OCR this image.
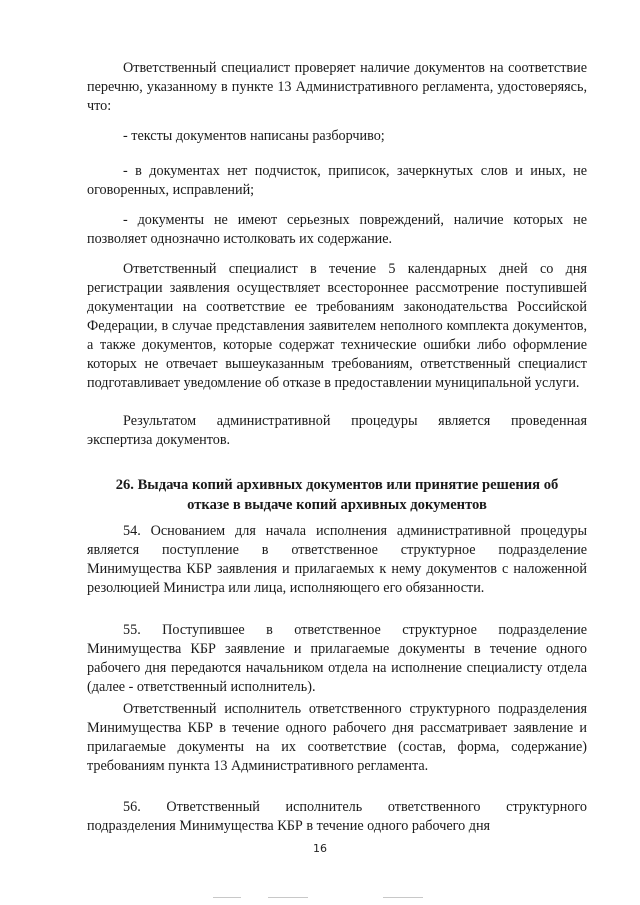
Ответственный специалист проверяет наличие документов на соответствие перечню, указанному в пункте 13 Административного регламента, удостоверяясь, что:

- тексты документов написаны разборчиво;

- в документах нет подчисток, приписок, зачеркнутых слов и иных, не оговоренных, исправлений;

- документы не имеют серьезных повреждений, наличие которых не позволяет однозначно истолковать их содержание.

Ответственный специалист в течение 5 календарных дней со дня регистрации заявления осуществляет всестороннее рассмотрение поступившей документации на соответствие ее требованиям законодательства Российской Федерации, в случае представления заявителем неполного комплекта документов, а также документов, которые содержат технические ошибки либо оформление которых не отвечает вышеуказанным требованиям, ответственный специалист подготавливает уведомление об отказе в предоставлении муниципальной услуги.

Результатом административной процедуры является проведенная экспертиза документов.

26. Выдача копий архивных документов или принятие решения об

отказе в выдаче копий архивных документов

54. Основанием для начала исполнения административной процедуры является поступление в ответственное структурное подразделение Минимущества КБР заявления и прилагаемых к нему документов с наложенной резолюцией Министра или лица, исполняющего его обязанности.

55. Поступившее в ответственное структурное подразделение Минимущества КБР заявление и прилагаемые документы в течение одного рабочего дня передаются начальником отдела на исполнение специалисту отдела (далее - ответственный исполнитель).

Ответственный исполнитель ответственного структурного подразделения Минимущества КБР в течение одного рабочего дня рассматривает заявление и прилагаемые документы на их соответствие (состав, форма, содержание) требованиям пункта 13 Административного регламента.

56. Ответственный исполнитель ответственного структурного подразделения Минимущества КБР в течение одного рабочего дня

16
